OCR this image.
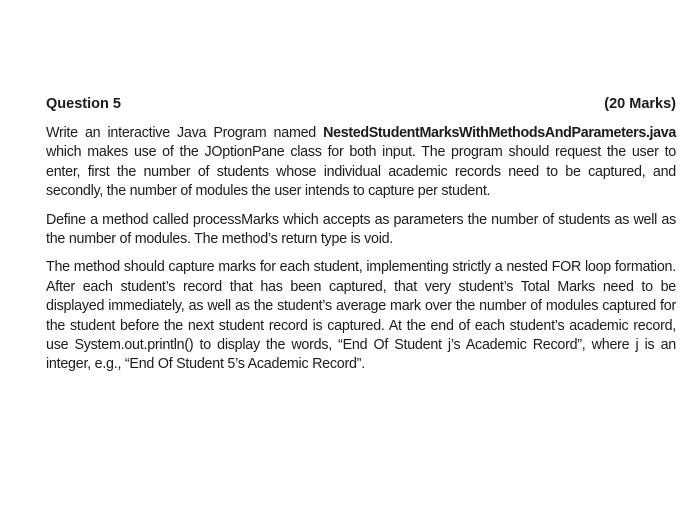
Question 5	(20 Marks)

Write an interactive Java Program named NestedStudentMarksWithMethodsAndParameters.java which makes use of the JOptionPane class for both input. The program should request the user to enter, first the number of students whose individual academic records need to be captured, and secondly, the number of modules the user intends to capture per student.

Define a method called processMarks which accepts as parameters the number of students as well as the number of modules. The method’s return type is void.

The method should capture marks for each student, implementing strictly a nested FOR loop formation. After each student’s record that has been captured, that very student’s Total Marks need to be displayed immediately, as well as the student’s average mark over the number of modules captured for the student before the next student record is captured. At the end of each student’s academic record, use System.out.println() to display the words, “End Of Student j’s Academic Record”, where j is an integer, e.g., “End Of Student 5’s Academic Record”.
